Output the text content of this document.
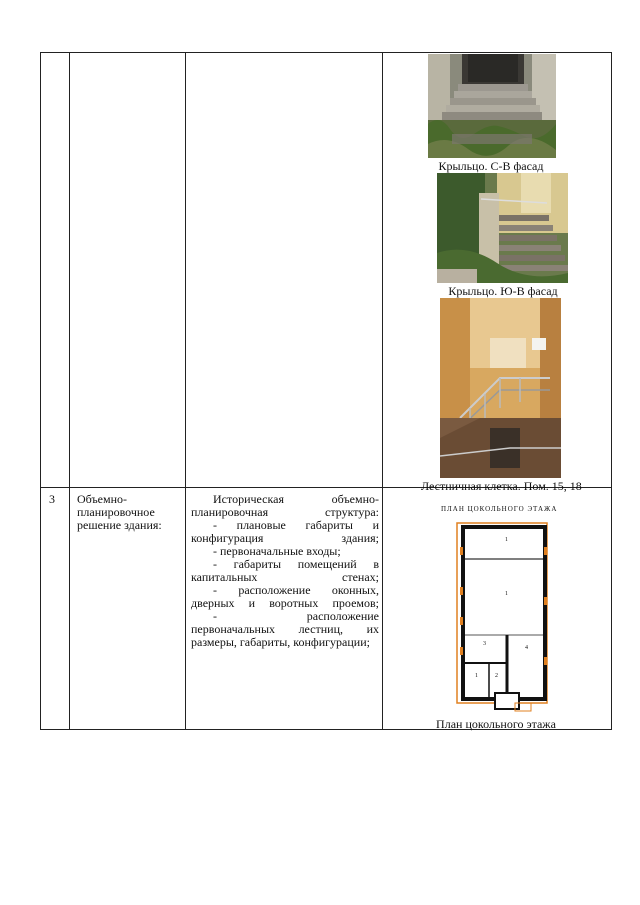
3 Объемно-планировочное решение здания:

Историческая объемно-планировочная структура:

- плановые габариты и конфигурация здания;

- первоначальные входы;

- габариты помещений в капитальных стенах;

- расположение оконных, дверных и воротных проемов;

- расположение первоначальных лестниц, их размеры, габариты, конфигурации;

Крыльцо. С-В фасад
Крыльцо. Ю-В фасад
Лестничная клетка. Пом. 15, 18
ПЛАН ЦОКОЛЬНОГО ЭТАЖА
1
1
3
4
1	2
План цокольного этажа
